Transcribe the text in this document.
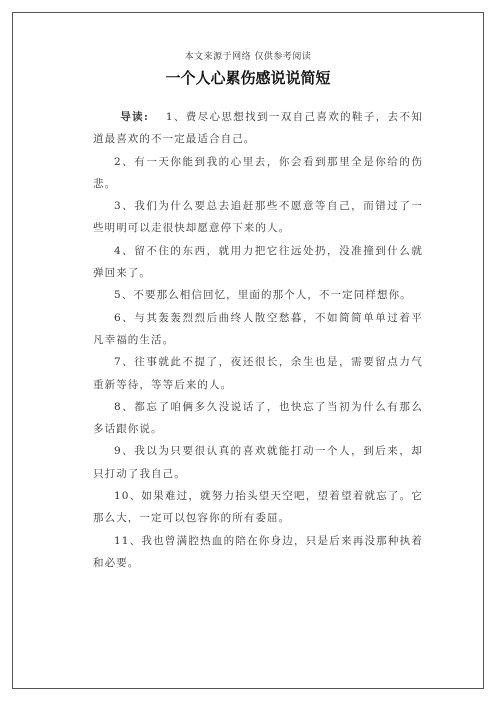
本文来源于网络 仅供参考阅读
一个人心累伤感说说简短

导读: 1、费尽心思想找到一双自己喜欢的鞋子，去不知道最喜欢的不一定最适合自己。

2、有一天你能到我的心里去，你会看到那里全是你给的伤悲。

3、我们为什么要总去追赶那些不愿意等自己，而错过了一些明明可以走很快却愿意停下来的人。

4、留不住的东西，就用力把它往远处扔，没准撞到什么就弹回来了。

5、不要那么相信回忆，里面的那个人，不一定同样想你。

6、与其轰轰烈烈后曲终人散空愁暮，不如简简单单过着平凡幸福的生活。

7、往事就此不提了，夜还很长，余生也是，需要留点力气重新等待，等等后来的人。

8、都忘了咱俩多久没说话了，也快忘了当初为什么有那么多话跟你说。

9、我以为只要很认真的喜欢就能打动一个人，到后来，却只打动了我自己。

10、如果难过，就努力抬头望天空吧，望着望着就忘了。它那么大，一定可以包容你的所有委屈。

11、我也曾满腔热血的陪在你身边，只是后来再没那种执着和必要。
